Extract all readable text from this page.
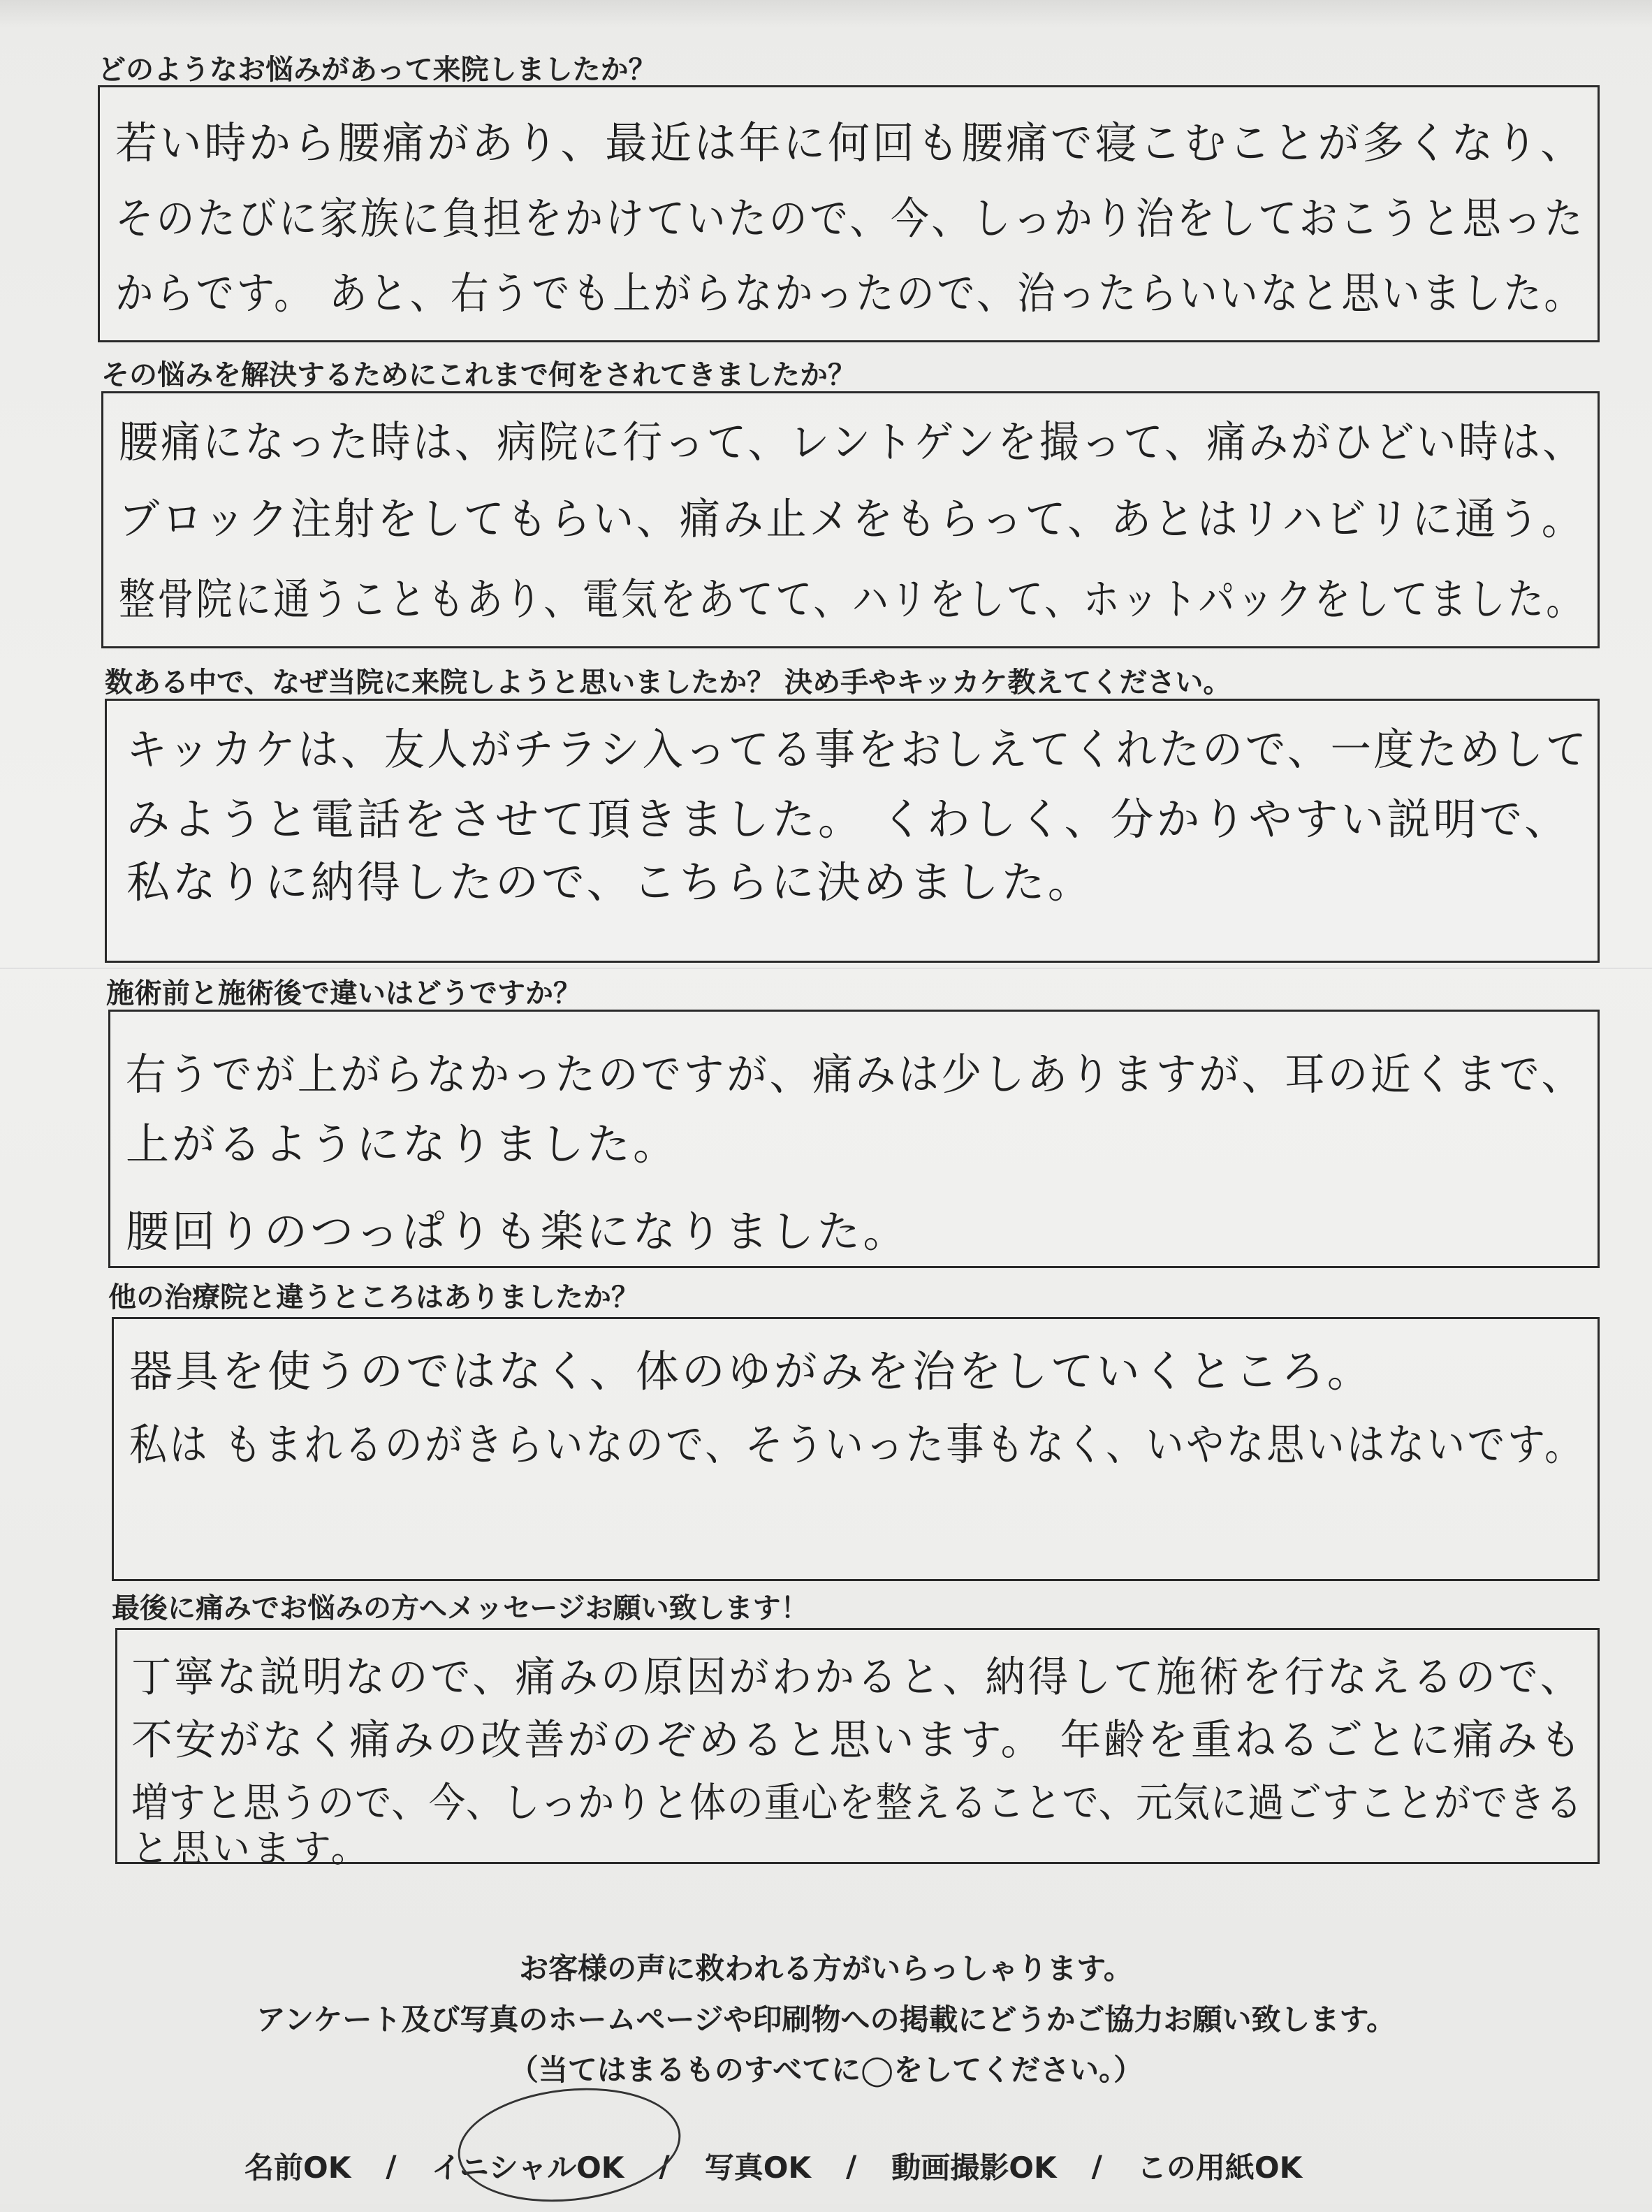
どのようなお悩みがあって来院しましたか？
若い時から腰痛があり、最近は年に何回も腰痛で寝こむことが多くなり、
そのたびに家族に負担をかけていたので、今、しっかり治をしておこうと思った
からです。 あと、右うでも上がらなかったので、治ったらいいなと思いました。
その悩みを解決するためにこれまで何をされてきましたか？
腰痛になった時は、病院に行って、レントゲンを撮って、痛みがひどい時は、
ブロック注射をしてもらい、痛み止メをもらって、あとはリハビリに通う。
整骨院に通うこともあり、電気をあてて、ハリをして、ホットパックをしてました。
数ある中で、なぜ当院に来院しようと思いましたか？ 決め手やキッカケ教えてください。
キッカケは、友人がチラシ入ってる事をおしえてくれたので、一度ためして
みようと電話をさせて頂きました。 くわしく、分かりやすい説明で、
私なりに納得したので、こちらに決めました。
施術前と施術後で違いはどうですか？
右うでが上がらなかったのですが、痛みは少しありますが、耳の近くまで、
上がるようになりました。
腰回りのつっぱりも楽になりました。
他の治療院と違うところはありましたか？
器具を使うのではなく、体のゆがみを治をしていくところ。
私は もまれるのがきらいなので、そういった事もなく、いやな思いはないです。
最後に痛みでお悩みの方へメッセージお願い致します！
丁寧な説明なので、痛みの原因がわかると、納得して施術を行なえるので、
不安がなく痛みの改善がのぞめると思います。 年齢を重ねるごとに痛みも
増すと思うので、今、しっかりと体の重心を整えることで、元気に過ごすことができる
と思います。
お客様の声に救われる方がいらっしゃります。
アンケート及び写真のホームページや印刷物への掲載にどうかご協力お願い致します。
（当てはまるものすべてに◯をしてください。）
名前OK	/	イニシャルOK	/	写真OK	/	動画撮影OK	/	この用紙OK
